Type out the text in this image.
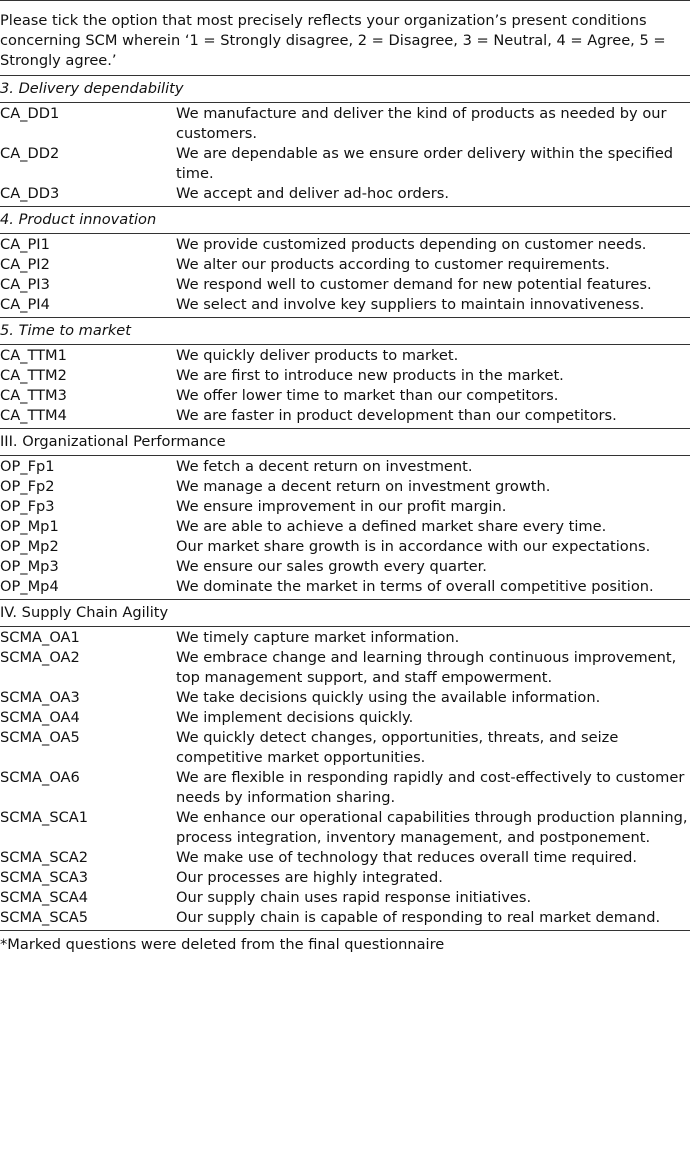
Please tick the option that most precisely reflects your organization’s present conditions concerning SCM wherein ‘1 = Strongly disagree, 2 = Disagree, 3 = Neutral, 4 = Agree, 5 = Strongly agree.’
3. Delivery dependability
CA_DD1	We manufacture and deliver the kind of products as needed by our customers.
CA_DD2	We are dependable as we ensure order delivery within the specified time.
CA_DD3	We accept and deliver ad-hoc orders.
4. Product innovation
CA_PI1	We provide customized products depending on customer needs.
CA_PI2	We alter our products according to customer requirements.
CA_PI3	We respond well to customer demand for new potential features.
CA_PI4	We select and involve key suppliers to maintain innovativeness.
5. Time to market
CA_TTM1	We quickly deliver products to market.
CA_TTM2	We are first to introduce new products in the market.
CA_TTM3	We offer lower time to market than our competitors.
CA_TTM4	We are faster in product development than our competitors.
III. Organizational Performance
OP_Fp1	We fetch a decent return on investment.
OP_Fp2	We manage a decent return on investment growth.
OP_Fp3	We ensure improvement in our profit margin.
OP_Mp1	We are able to achieve a defined market share every time.
OP_Mp2	Our market share growth is in accordance with our expectations.
OP_Mp3	We ensure our sales growth every quarter.
OP_Mp4	We dominate the market in terms of overall competitive position.
IV. Supply Chain Agility
SCMA_OA1	We timely capture market information.
SCMA_OA2	We embrace change and learning through continuous improvement, top management support, and staff empowerment.
SCMA_OA3	We take decisions quickly using the available information.
SCMA_OA4	We implement decisions quickly.
SCMA_OA5	We quickly detect changes, opportunities, threats, and seize competitive market opportunities.
SCMA_OA6	We are flexible in responding rapidly and cost-effectively to customer needs by information sharing.
SCMA_SCA1	We enhance our operational capabilities through production planning, process integration, inventory management, and postponement.
SCMA_SCA2	We make use of technology that reduces overall time required.
SCMA_SCA3	Our processes are highly integrated.
SCMA_SCA4	Our supply chain uses rapid response initiatives.
SCMA_SCA5	Our supply chain is capable of responding to real market demand.
*Marked questions were deleted from the final questionnaire
